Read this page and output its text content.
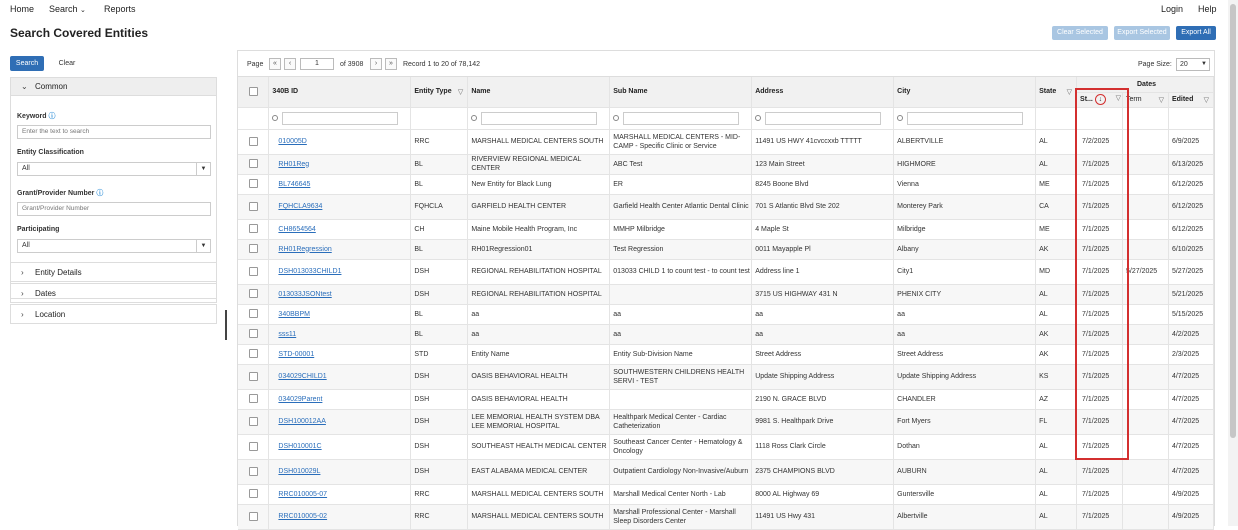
Home Search ⌄ Reports	Login Help
Search Covered Entities	Clear Selected	Export Selected	Export All
Search	Clear
⌄ Common
Keyword ⓘ
Enter the text to search
Entity Classification
All	▼
Grant/Provider Number ⓘ
Grant/Provider Number
Participating
All	▼
› Entity Details
› Dates
› Location
Page	«	‹	1	of 3908	›	»	Record 1 to 20 of 78,142	Page Size:	20 ▼
	340B ID	Entity Type ▽	Name	Sub Name	Address	City	State ▽	Dates		
								St... ↓ ▽	Term ▽	Edited ▽

	010005D	RRC	MARSHALL MEDICAL CENTERS SOUTH	MARSHALL MEDICAL CENTERS - MID-CAMP - Specific Clinic or Service	11491 US HWY 41cvccxxb TTTTT	ALBERTVILLE	AL	7/2/2025		6/9/2025
	RH01Reg	BL	RIVERVIEW REGIONAL MEDICAL CENTER	ABC Test	123 Main Street	HIGHMORE	AL	7/1/2025		6/13/2025
	BL746645	BL	New Entity for Black Lung	ER	8245 Boone Blvd	Vienna	ME	7/1/2025		6/12/2025
	FQHCLA9634	FQHCLA	GARFIELD HEALTH CENTER	Garfield Health Center Atlantic Dental Clinic	701 S Atlantic Blvd Ste 202	Monterey Park	CA	7/1/2025		6/12/2025
	CH8654564	CH	Maine Mobile Health Program, Inc	MMHP Milbridge	4 Maple St	Milbridge	ME	7/1/2025		6/12/2025
	RH01Regression	BL	RH01Regression01	Test Regression	0011 Mayapple Pl	Albany	AK	7/1/2025		6/10/2025
	DSH013033CHILD1	DSH	REGIONAL REHABILITATION HOSPITAL	013033 CHILD 1 to count test - to count test	Address line 1	City1	MD	7/1/2025	5/27/2025	5/27/2025
	013033JSONtest	DSH	REGIONAL REHABILITATION HOSPITAL		3715 US HIGHWAY 431 N	PHENIX CITY	AL	7/1/2025		5/21/2025
	340BBPM	BL	aa	aa	aa	aa	AL	7/1/2025		5/15/2025
	sss11	BL	aa	aa	aa	aa	AK	7/1/2025		4/2/2025
	STD-00001	STD	Entity Name	Entity Sub-Division Name	Street Address	Street Address	AK	7/1/2025		2/3/2025
	034029CHILD1	DSH	OASIS BEHAVIORAL HEALTH	SOUTHWESTERN CHILDRENS HEALTH SERVI - TEST	Update Shipping Address	Update Shipping Address	KS	7/1/2025		4/7/2025
	034029Parent	DSH	OASIS BEHAVIORAL HEALTH		2190 N. GRACE BLVD	CHANDLER	AZ	7/1/2025		4/7/2025
	DSH100012AA	DSH	LEE MEMORIAL HEALTH SYSTEM DBA LEE MEMORIAL HOSPITAL	Healthpark Medical Center - Cardiac Catheterization	9981 S. Healthpark Drive	Fort Myers	FL	7/1/2025		4/7/2025
	DSH010001C	DSH	SOUTHEAST HEALTH MEDICAL CENTER	Southeast Cancer Center - Hematology & Oncology	1118 Ross Clark Circle	Dothan	AL	7/1/2025		4/7/2025
	DSH010029L	DSH	EAST ALABAMA MEDICAL CENTER	Outpatient Cardiology Non-Invasive/Auburn	2375 CHAMPIONS BLVD	AUBURN	AL	7/1/2025		4/7/2025
	RRC010005-07	RRC	MARSHALL MEDICAL CENTERS SOUTH	Marshall Medical Center North - Lab	8000 AL Highway 69	Guntersville	AL	7/1/2025		4/9/2025
	RRC010005-02	RRC	MARSHALL MEDICAL CENTERS SOUTH	Marshall Professional Center - Marshall Sleep Disorders Center	11491 US Hwy 431	Albertville	AL	7/1/2025		4/9/2025
